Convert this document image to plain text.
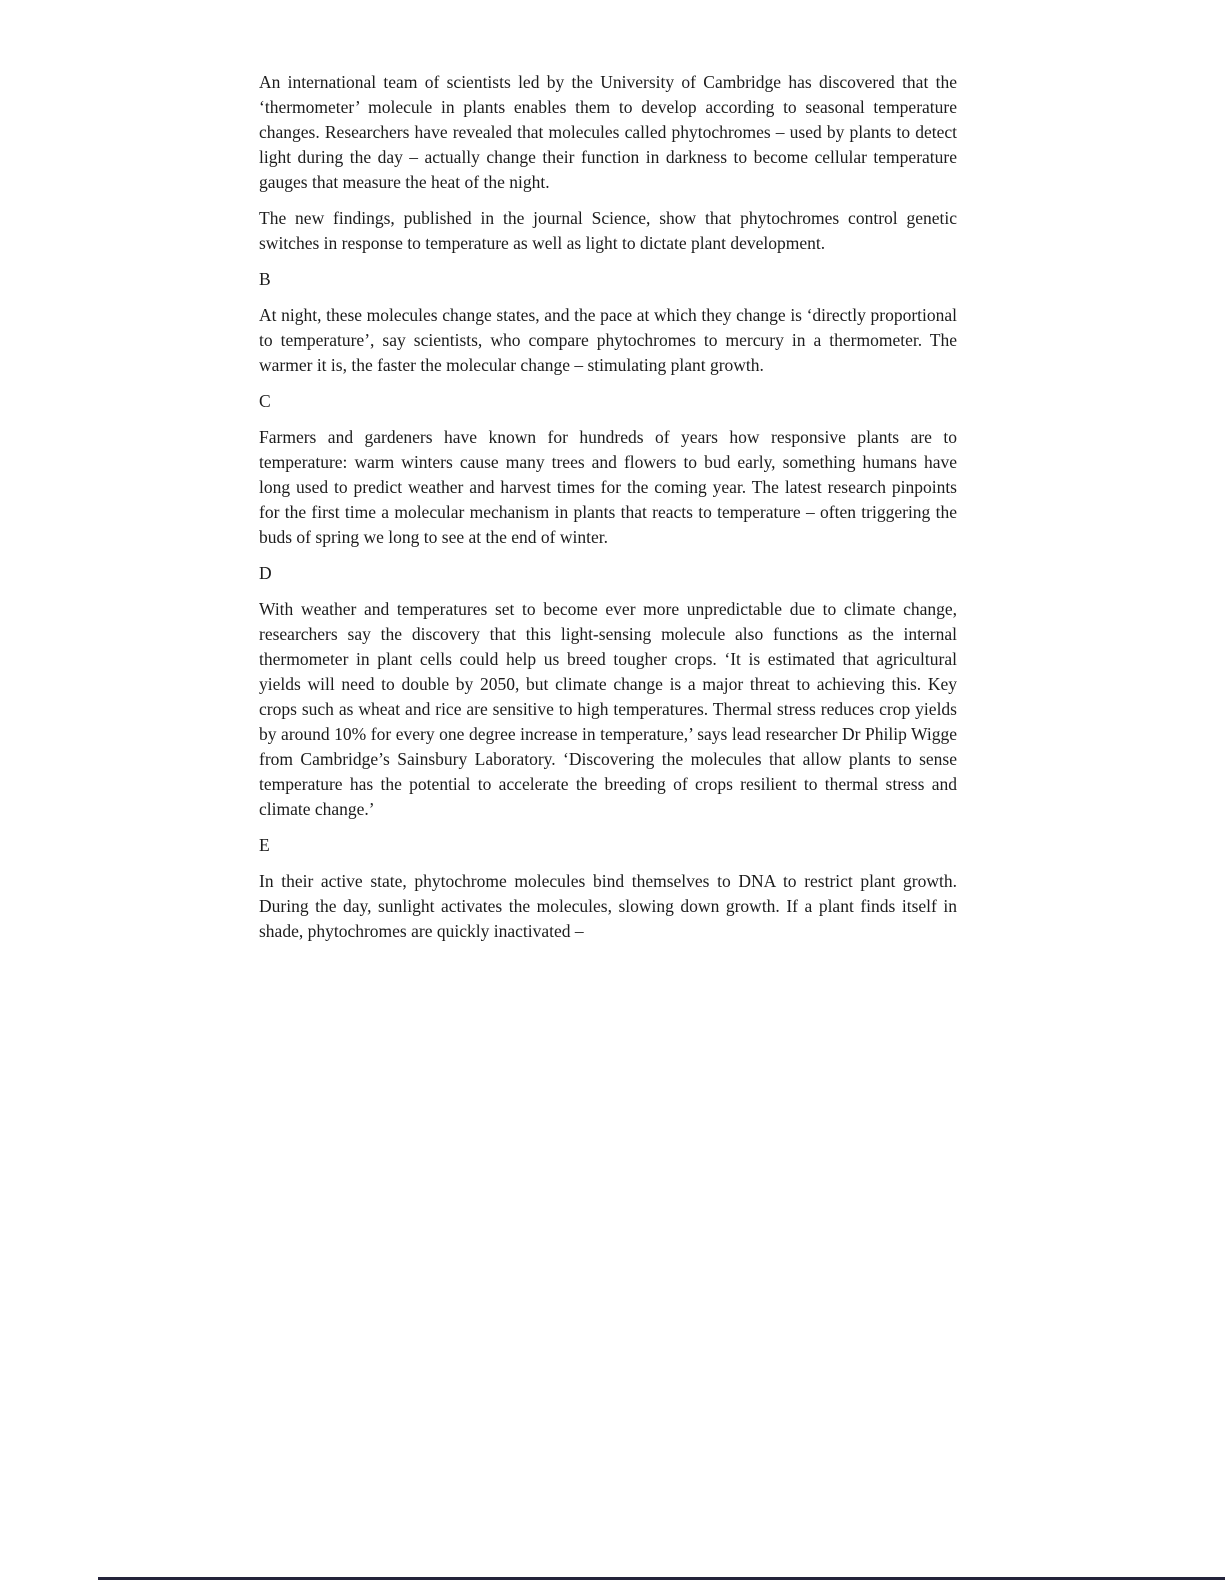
An international team of scientists led by the University of Cambridge has discovered that the ‘thermometer’ molecule in plants enables them to develop according to seasonal temperature changes. Researchers have revealed that molecules called phytochromes – used by plants to detect light during the day – actually change their function in darkness to become cellular temperature gauges that measure the heat of the night.

The new findings, published in the journal Science, show that phytochromes control genetic switches in response to temperature as well as light to dictate plant development.

B

At night, these molecules change states, and the pace at which they change is ‘directly proportional to temperature’, say scientists, who compare phytochromes to mercury in a thermometer. The warmer it is, the faster the molecular change – stimulating plant growth.

C

Farmers and gardeners have known for hundreds of years how responsive plants are to temperature: warm winters cause many trees and flowers to bud early, something humans have long used to predict weather and harvest times for the coming year. The latest research pinpoints for the first time a molecular mechanism in plants that reacts to temperature – often triggering the buds of spring we long to see at the end of winter.

D

With weather and temperatures set to become ever more unpredictable due to climate change, researchers say the discovery that this light-sensing molecule also functions as the internal thermometer in plant cells could help us breed tougher crops. ‘It is estimated that agricultural yields will need to double by 2050, but climate change is a major threat to achieving this. Key crops such as wheat and rice are sensitive to high temperatures. Thermal stress reduces crop yields by around 10% for every one degree increase in temperature,’ says lead researcher Dr Philip Wigge from Cambridge’s Sainsbury Laboratory. ‘Discovering the molecules that allow plants to sense temperature has the potential to accelerate the breeding of crops resilient to thermal stress and climate change.’

E

In their active state, phytochrome molecules bind themselves to DNA to restrict plant growth. During the day, sunlight activates the molecules, slowing down growth. If a plant finds itself in shade, phytochromes are quickly inactivated –
